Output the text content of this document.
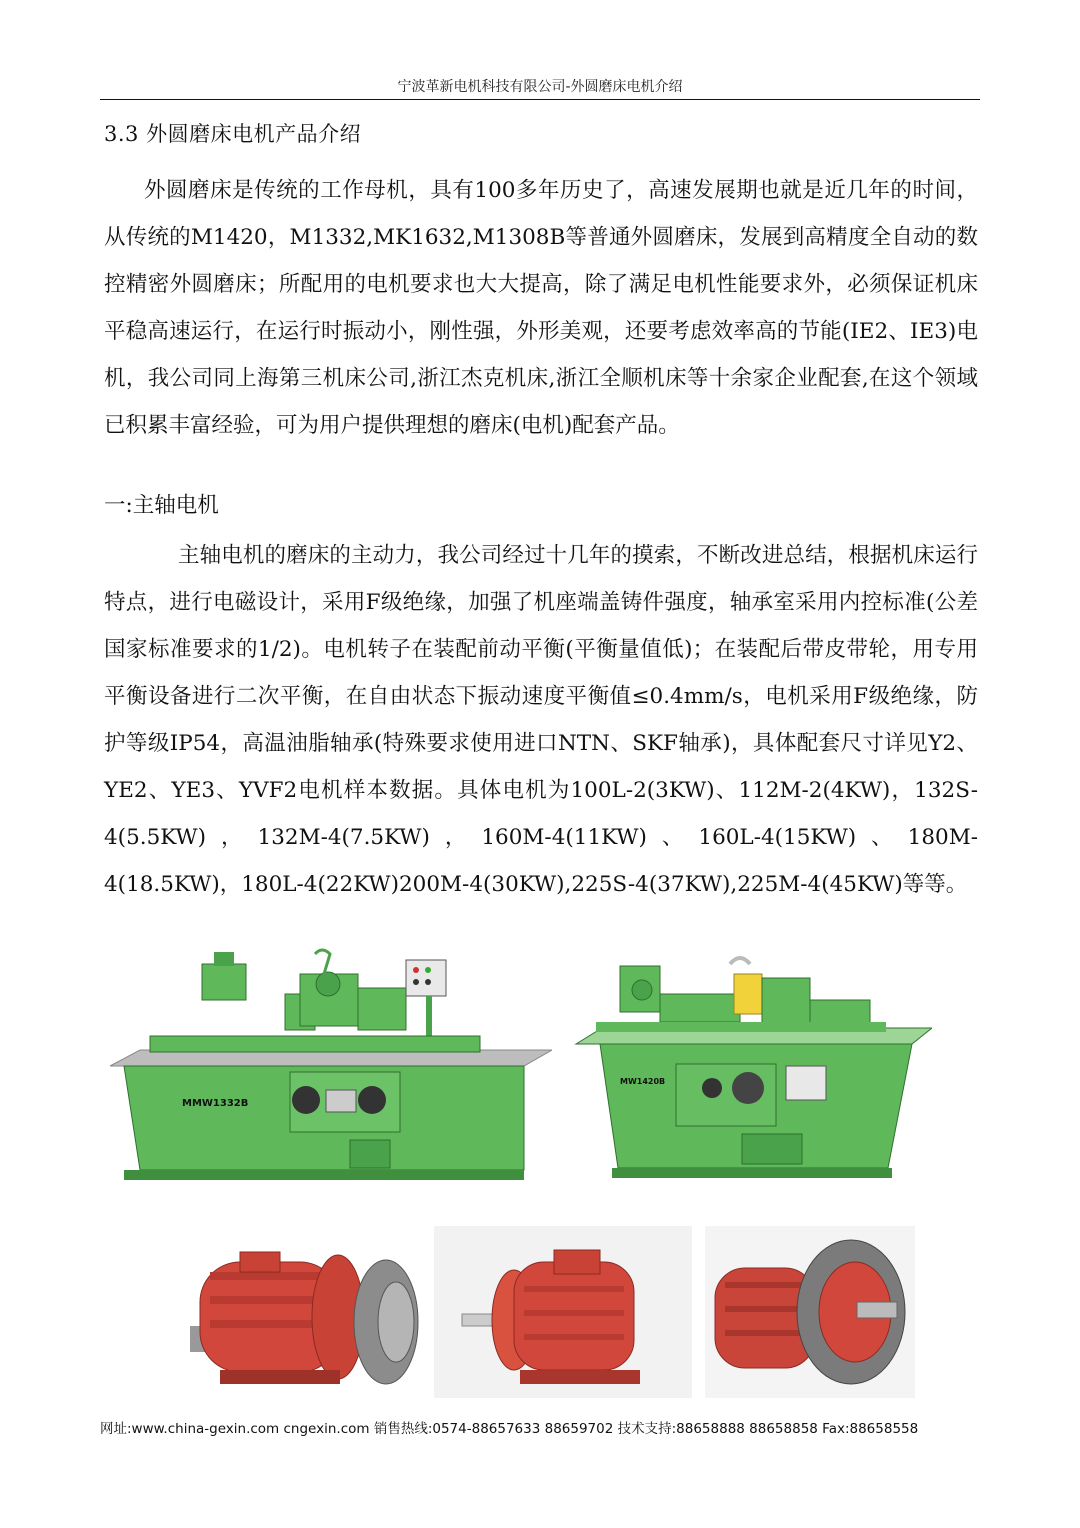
宁波革新电机科技有限公司-外圆磨床电机介绍
3.3 外圆磨床电机产品介绍

外圆磨床是传统的工作母机，具有100多年历史了，高速发展期也就是近几年的时间，从传统的M1420，M1332,MK1632,M1308B等普通外圆磨床，发展到高精度全自动的数控精密外圆磨床；所配用的电机要求也大大提高，除了满足电机性能要求外，必须保证机床平稳高速运行，在运行时振动小，刚性强，外形美观，还要考虑效率高的节能(IE2、IE3)电机，我公司同上海第三机床公司,浙江杰克机床,浙江全顺机床等十余家企业配套,在这个领域已积累丰富经验，可为用户提供理想的磨床(电机)配套产品。

一:主轴电机

主轴电机的磨床的主动力，我公司经过十几年的摸索，不断改进总结，根据机床运行特点，进行电磁设计，采用F级绝缘，加强了机座端盖铸件强度，轴承室采用内控标准(公差国家标准要求的1/2)。电机转子在装配前动平衡(平衡量值低)；在装配后带皮带轮，用专用平衡设备进行二次平衡，在自由状态下振动速度平衡值≤0.4mm/s，电机采用F级绝缘，防护等级IP54，高温油脂轴承(特殊要求使用进口NTN、SKF轴承)，具体配套尺寸详见Y2、YE2、YE3、YVF2电机样本数据。具体电机为100L-2(3KW)、112M-2(4KW)，132S-4(5.5KW)，132M-4(7.5KW)，160M-4(11KW)、160L-4(15KW)、180M-4(18.5KW)，180L-4(22KW)200M-4(30KW),225S-4(37KW),225M-4(45KW)等等。

MMW1332B
MW1420B
网址:www.china-gexin.com cngexin.com 销售热线:0574-88657633 88659702 技术支持:88658888 88658858 Fax:88658558
